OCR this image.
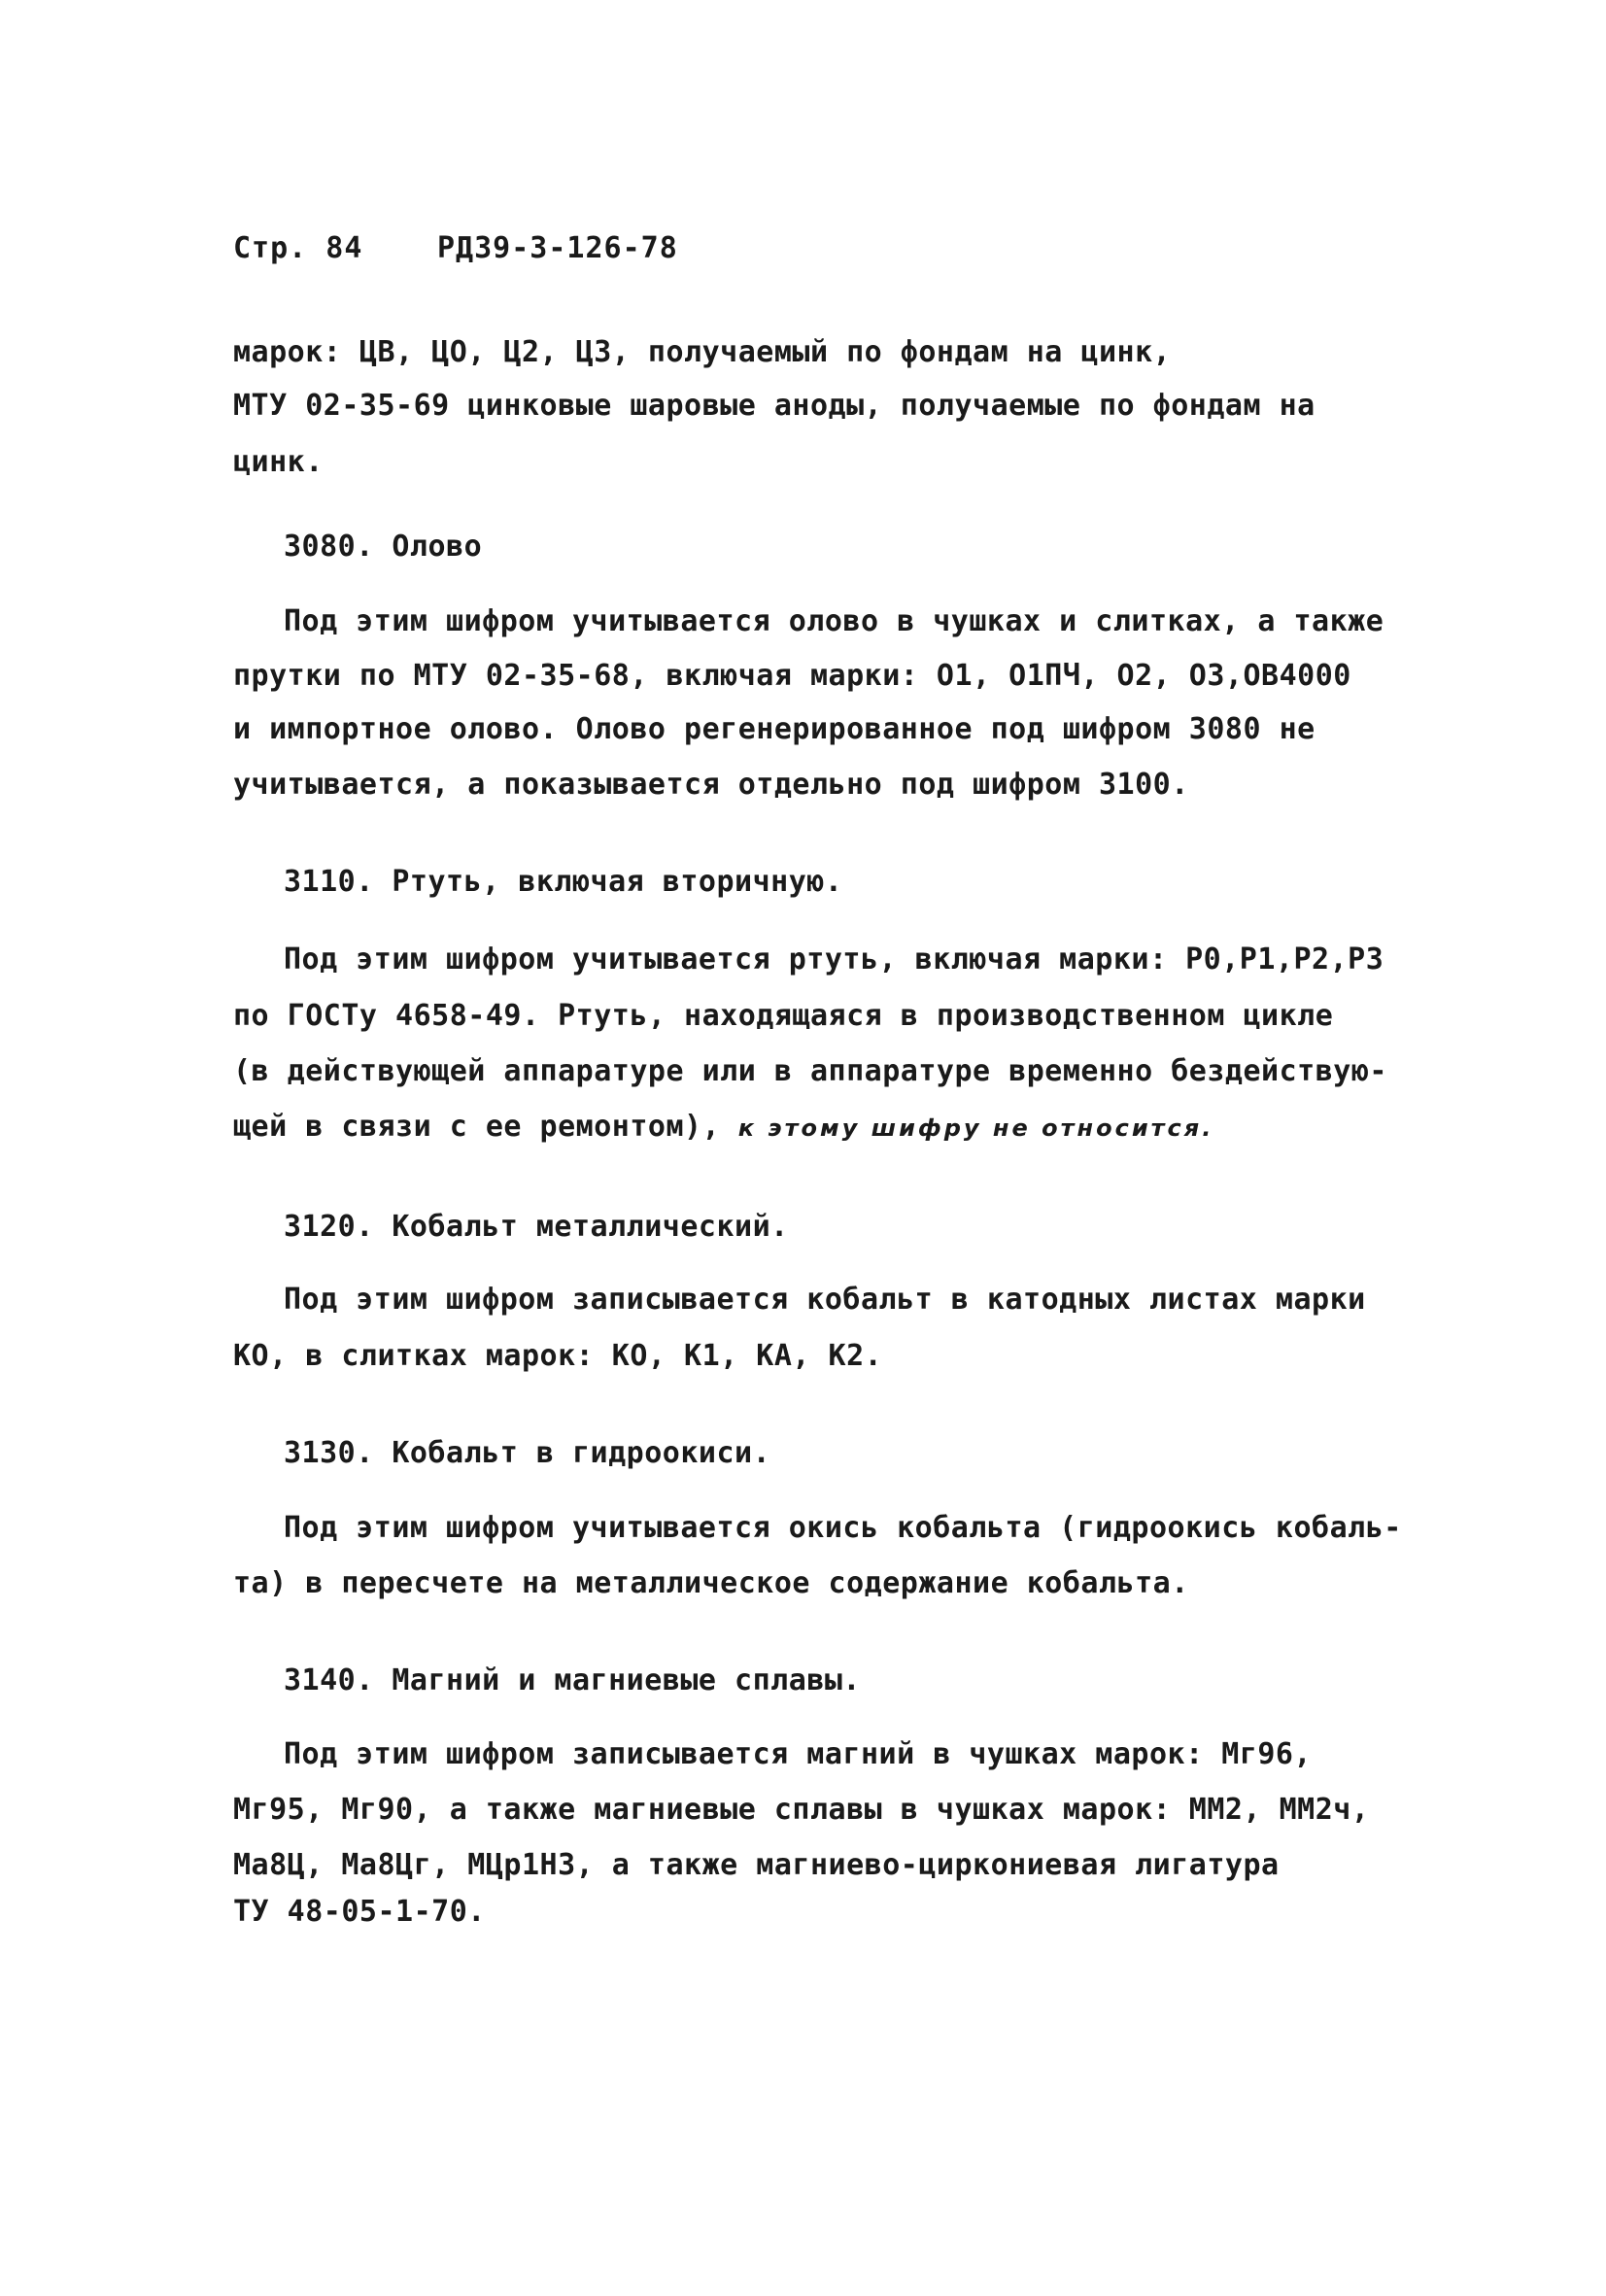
Стр. 84	РД39-3-126-78
марок: ЦВ, ЦО, Ц2, Ц3, получаемый по фондам на цинк,
МТУ 02-35-69 цинковые шаровые аноды, получаемые по фондам на
цинк.
3080. Олово
Под этим шифром учитывается олово в чушках и слитках, а также
прутки по МТУ 02-35-68, включая марки: О1, О1ПЧ, О2, О3,ОВ4000
и импортное олово. Олово регенерированное под шифром 3080 не
учитывается, а показывается отдельно под шифром 3100.
3110. Ртуть, включая вторичную.
Под этим шифром учитывается ртуть, включая марки: Р0,Р1,Р2,Р3
по ГОСТу 4658-49. Ртуть, находящаяся в производственном цикле
(в действующей аппаратуре или в аппаратуре временно бездействую-
щей в связи с ее ремонтом), к этому шифру не относится.
3120. Кобальт металлический.
Под этим шифром записывается кобальт в катодных листах марки
КО, в слитках марок: КО, К1, КА, К2.
3130. Кобальт в гидроокиси.
Под этим шифром учитывается окись кобальта (гидроокись кобаль-
та) в пересчете на металлическое содержание кобальта.
3140. Магний и магниевые сплавы.
Под этим шифром записывается магний в чушках марок: Мг96,
Мг95, Мг90, а также магниевые сплавы в чушках марок: ММ2, ММ2ч,
Ма8Ц, Ма8Цг, МЦр1Н3, а также магниево-циркониевая лигатура
ТУ 48-05-1-70.
